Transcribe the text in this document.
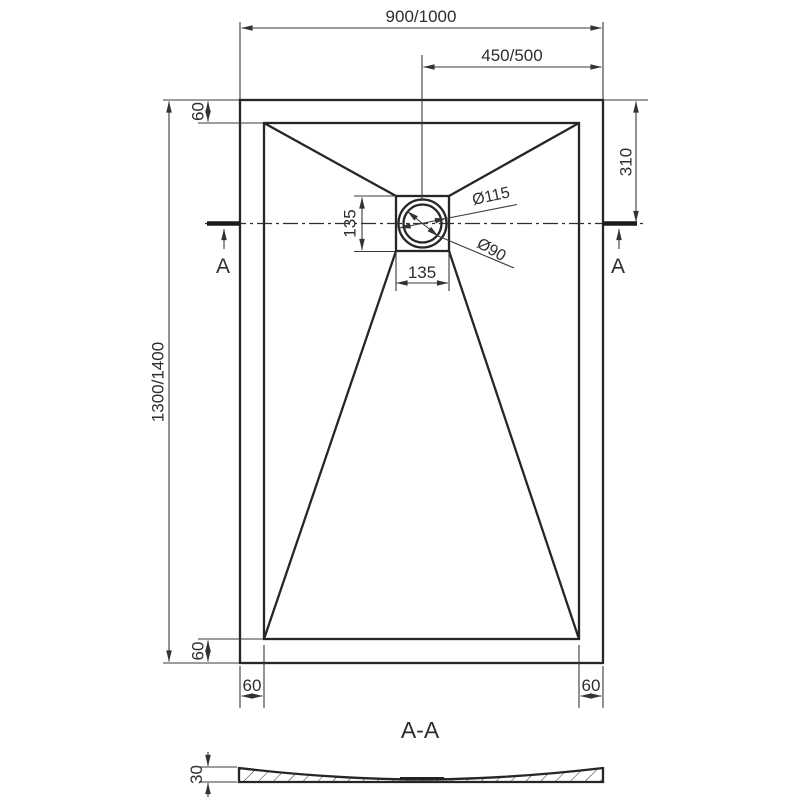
900/1000
450/500
1300/1400
310
60
60
60	60
135
135
Ø115
Ø90
A	A
A-A
30
